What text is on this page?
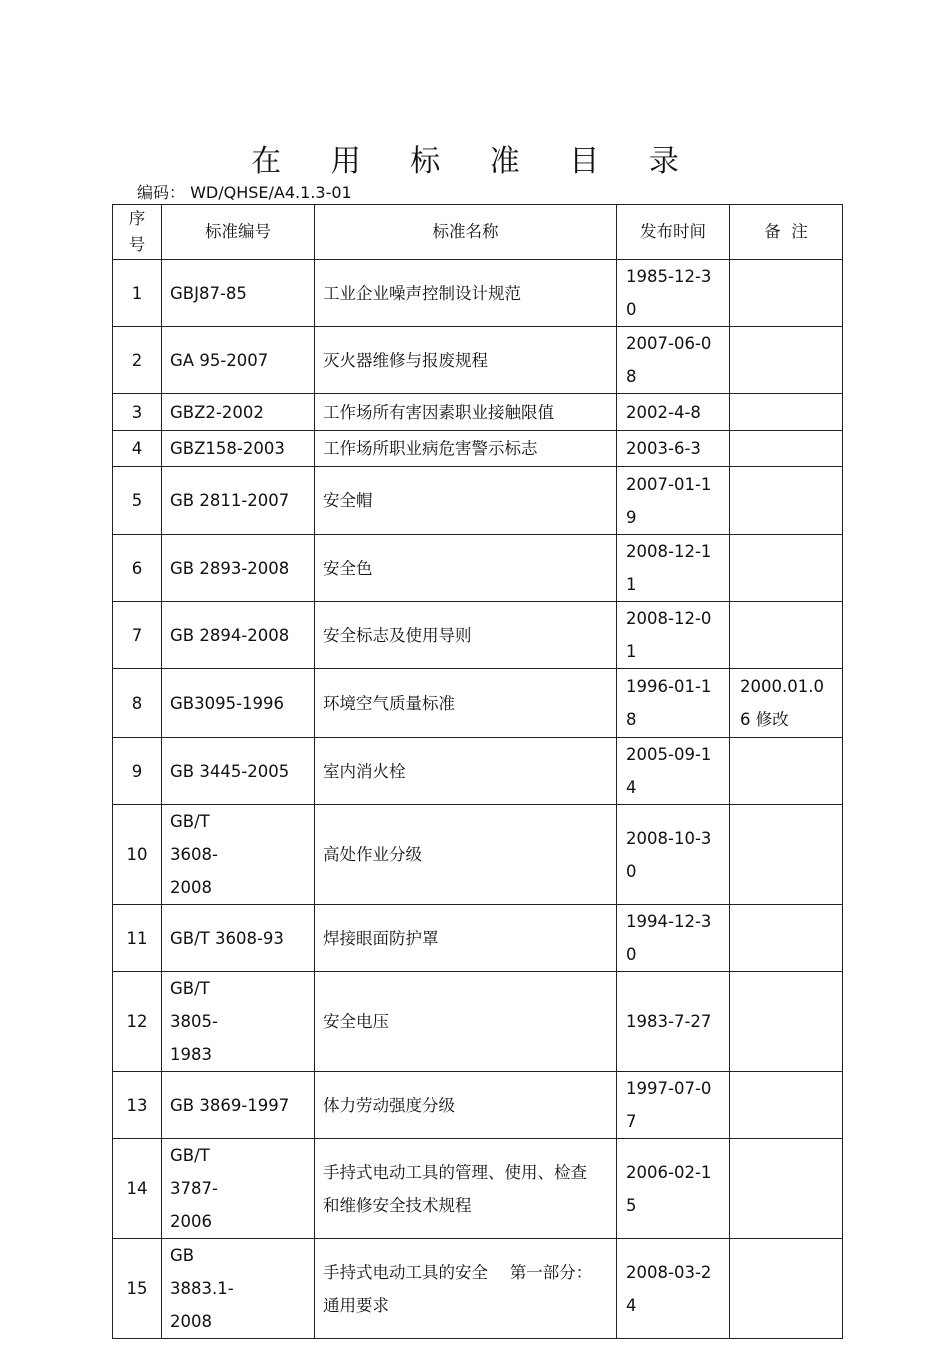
在 用 标 准 目 录
编码： WD/QHSE/A4.1.3-01
序号	标准编号	标准名称	发布时间	备  注
1	GBJ87-85	工业企业噪声控制设计规范	1985-12-30	
2	GA 95-2007	灭火器维修与报废规程	2007-06-08	
3	GBZ2-2002	工作场所有害因素职业接触限值	2002-4-8	
4	GBZ158-2003	工作场所职业病危害警示标志	2003-6-3	
5	GB 2811-2007	安全帽	2007-01-19	
6	GB 2893-2008	安全色	2008-12-11	
7	GB 2894-2008	安全标志及使用导则	2008-12-01	
8	GB3095-1996	环境空气质量标准	1996-01-18	2000.01.06 修改
9	GB 3445-2005	室内消火栓	2005-09-14	
10	GB/T 3608-2008	高处作业分级	2008-10-30	
11	GB/T 3608-93	焊接眼面防护罩	1994-12-30	
12	GB/T 3805-1983	安全电压	1983-7-27	
13	GB 3869-1997	体力劳动强度分级	1997-07-07	
14	GB/T 3787-2006	手持式电动工具的管理、使用、检查和维修安全技术规程	2006-02-15	
15	GB 3883.1-2008	手持式电动工具的安全　 第一部分：通用要求	2008-03-24	
